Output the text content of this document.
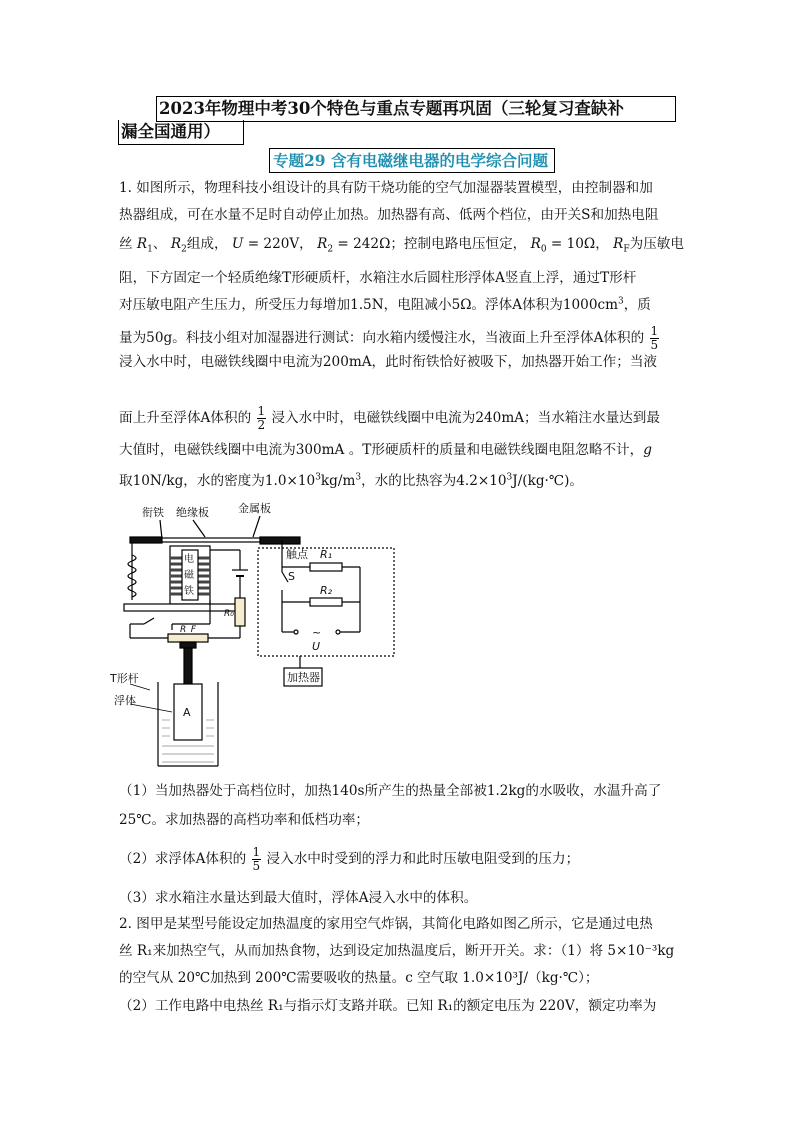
2023年物理中考30个特色与重点专题再巩固（三轮复习查缺补
漏全国通用）
专题29 含有电磁继电器的电学综合问题

1. 如图所示，物理科技小组设计的具有防干烧功能的空气加湿器装置模型，由控制器和加

热器组成，可在水量不足时自动停止加热。加热器有高、低两个档位，由开关S和加热电阻

丝 $R_1$、 $R_2$组成， U = 220V， $R_2 = 242\Omega$；控制电路电压恒定， $R_0 = 10\Omega$， $R_F$为压敏电

阻，下方固定一个轻质绝缘T形硬质杆，水箱注水后圆柱形浮体A竖直上浮，通过T形杆

对压敏电阻产生压力，所受压力每增加1.5N，电阻减小5Ω。浮体A体积为$1000cm^3$，质

量为50g。科技小组对加湿器进行测试：向水箱内缓慢注水，当液面上升至浮体A体积的 $\frac{1}{5}$

浸入水中时，电磁铁线圈中电流为200mA，此时衔铁恰好被吸下，加热器开始工作；当液

面上升至浮体A体积的 $\frac{1}{2}$ 浸入水中时，电磁铁线圈中电流为240mA；当水箱注水量达到最

大值时，电磁铁线圈中电流为300mA 。T形硬质杆的质量和电磁铁线圈电阻忽略不计，g

取10N/kg，水的密度为$1.0\times 10^3kg/m^3$，水的比热容为$4.2\times 10^3J/(kg\cdot℃)$。

衔铁 绝缘板	金属板
触点
S
R₁
R₂
R₀
R_F	~
U
加热器
T形杆
浮体
A
电
磁
铁

（1）当加热器处于高档位时，加热140s所产生的热量全部被1.2kg的水吸收，水温升高了

25℃。求加热器的高档功率和低档功率；

（2）求浮体A体积的 $\frac{1}{5}$ 浸入水中时受到的浮力和此时压敏电阻受到的压力；

（3）求水箱注水量达到最大值时，浮体A浸入水中的体积。

2. 图甲是某型号能设定加热温度的家用空气炸锅，其简化电路如图乙所示，它是通过电热

丝 R₁来加热空气，从而加热食物，达到设定加热温度后，断开开关。求：（1）将 5×10⁻³kg

的空气从 20℃加热到 200℃需要吸收的热量。c 空气取 1.0×10³J/（kg·℃）；

（2）工作电路中电热丝 R₁与指示灯支路并联。已知 R₁的额定电压为 220V，额定功率为
